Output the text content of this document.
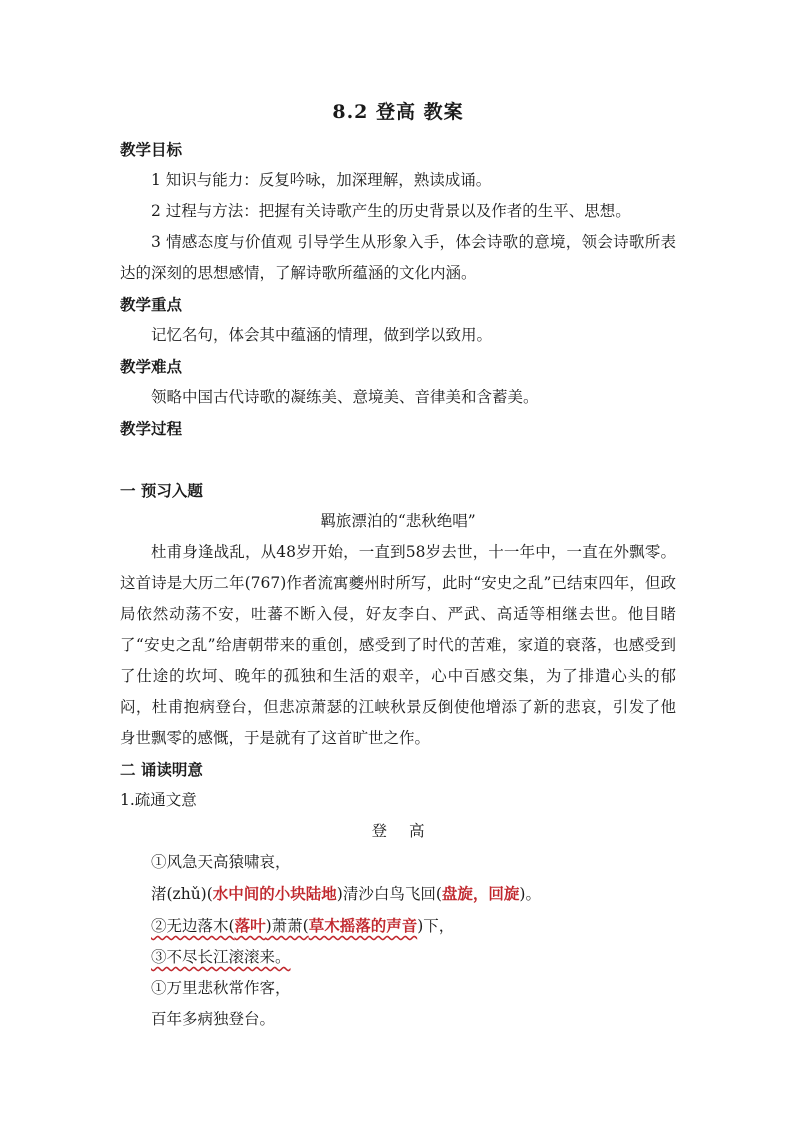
8.2 登高 教案

教学目标

1 知识与能力：反复吟咏，加深理解，熟读成诵。

2 过程与方法：把握有关诗歌产生的历史背景以及作者的生平、思想。

3 情感态度与价值观 引导学生从形象入手，体会诗歌的意境，领会诗歌所表达的深刻的思想感情，了解诗歌所蕴涵的文化内涵。

教学重点

记忆名句，体会其中蕴涵的情理，做到学以致用。

教学难点

领略中国古代诗歌的凝练美、意境美、音律美和含蓄美。

教学过程

一 预习入题

羁旅漂泊的“悲秋绝唱”

杜甫身逢战乱，从48岁开始，一直到58岁去世，十一年中，一直在外飘零。这首诗是大历二年(767)作者流寓夔州时所写，此时“安史之乱”已结束四年，但政局依然动荡不安，吐蕃不断入侵，好友李白、严武、高适等相继去世。他目睹了“安史之乱”给唐朝带来的重创，感受到了时代的苦难，家道的衰落，也感受到了仕途的坎坷、晚年的孤独和生活的艰辛，心中百感交集，为了排遣心头的郁闷，杜甫抱病登台，但悲凉萧瑟的江峡秋景反倒使他增添了新的悲哀，引发了他身世飘零的感慨，于是就有了这首旷世之作。

二 诵读明意

1.疏通文意

登高

①风急天高猿啸哀，

渚(zhǔ)(水中间的小块陆地)清沙白鸟飞回(盘旋，回旋)。

②无边落木(落叶)萧萧(草木摇落的声音)下，

③不尽长江滚滚来。

①万里悲秋常作客，

百年多病独登台。
